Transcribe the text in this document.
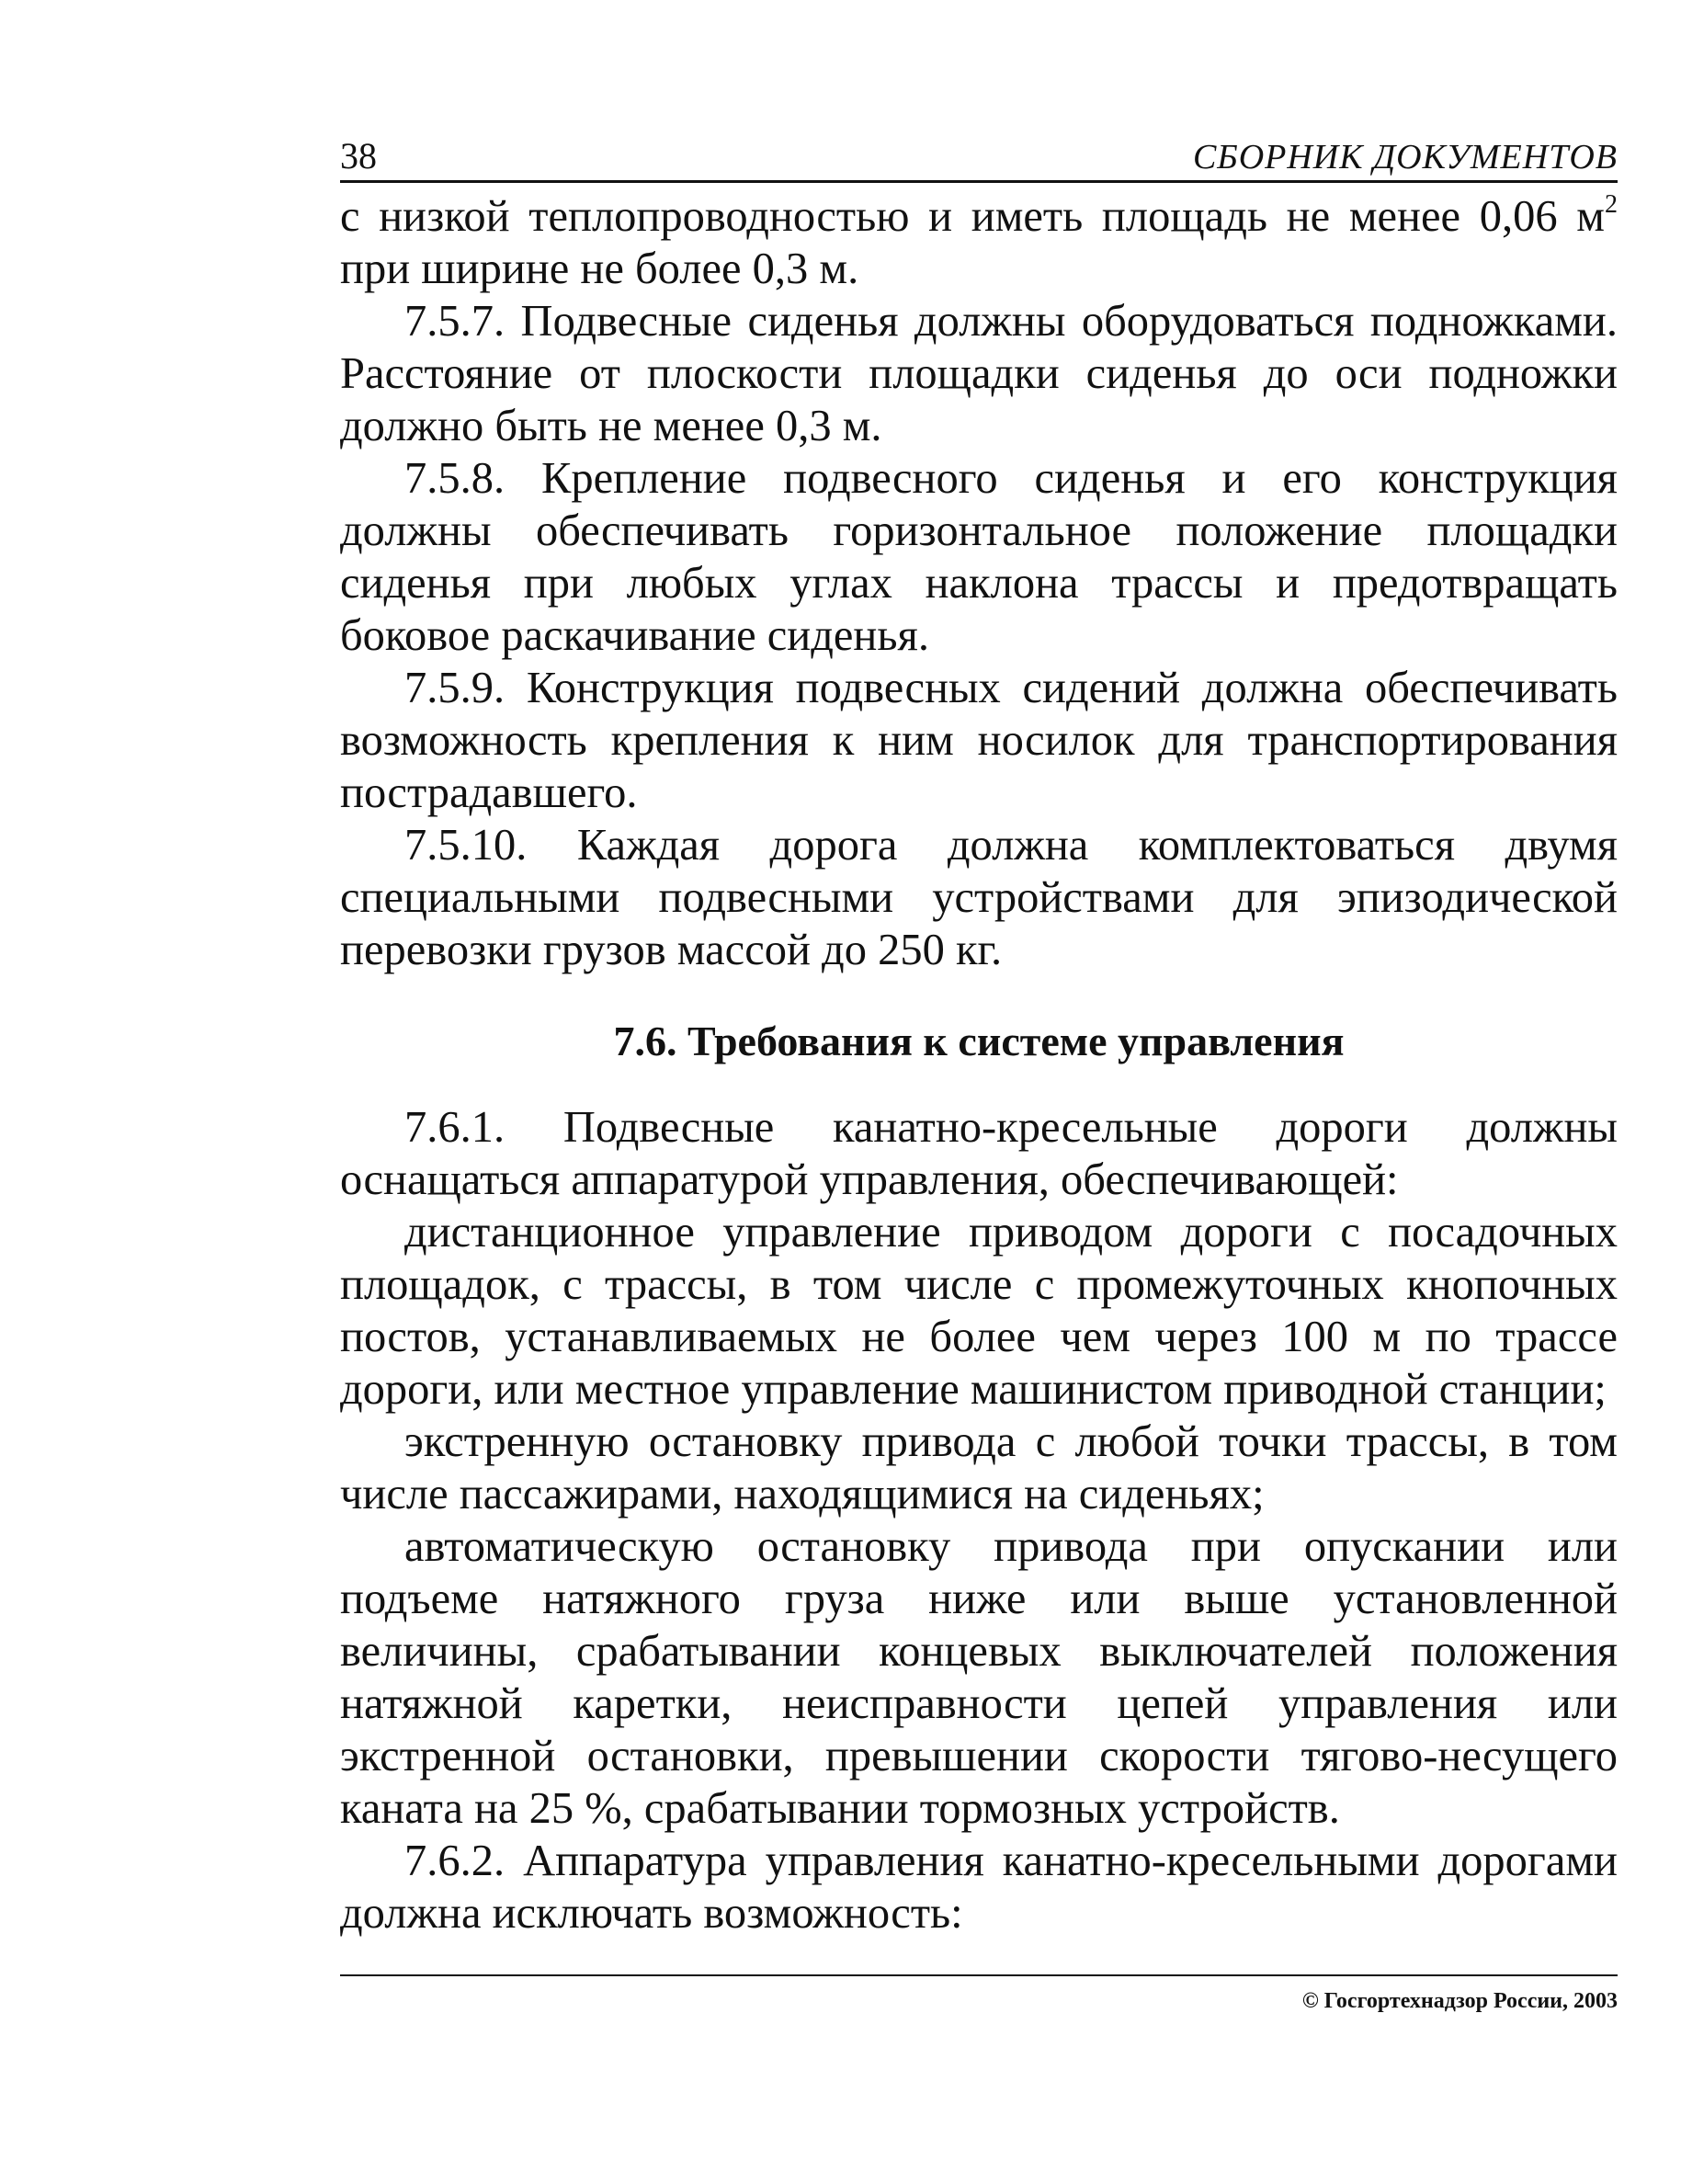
38	СБОРНИК ДОКУМЕНТОВ

с низкой теплопроводностью и иметь площадь не менее 0,06 $м^2$ при ширине не более 0,3 м.

7.5.7. Подвесные сиденья должны оборудоваться подножками. Расстояние от плоскости площадки сиденья до оси подножки должно быть не менее 0,3 м.

7.5.8. Крепление подвесного сиденья и его конструкция должны обеспечивать горизонтальное положение площадки сиденья при любых углах наклона трассы и предотвращать боковое раскачивание сиденья.

7.5.9. Конструкция подвесных сидений должна обеспечивать возможность крепления к ним носилок для транспортирования пострадавшего.

7.5.10. Каждая дорога должна комплектоваться двумя специальными подвесными устройствами для эпизодической перевозки грузов массой до 250 кг.

7.6. Требования к системе управления

7.6.1. Подвесные канатно-кресельные дороги должны оснащаться аппаратурой управления, обеспечивающей:

дистанционное управление приводом дороги с посадочных площадок, с трассы, в том числе с промежуточных кнопочных постов, устанавливаемых не более чем через 100 м по трассе дороги, или местное управление машинистом приводной станции;

экстренную остановку привода с любой точки трассы, в том числе пассажирами, находящимися на сиденьях;

автоматическую остановку привода при опускании или подъеме натяжного груза ниже или выше установленной величины, срабатывании концевых выключателей положения натяжной каретки, неисправности цепей управления или экстренной остановки, превышении скорости тягово-несущего каната на 25 %, срабатывании тормозных устройств.

7.6.2. Аппаратура управления канатно-кресельными дорогами должна исключать возможность:

© Госгортехнадзор России, 2003
